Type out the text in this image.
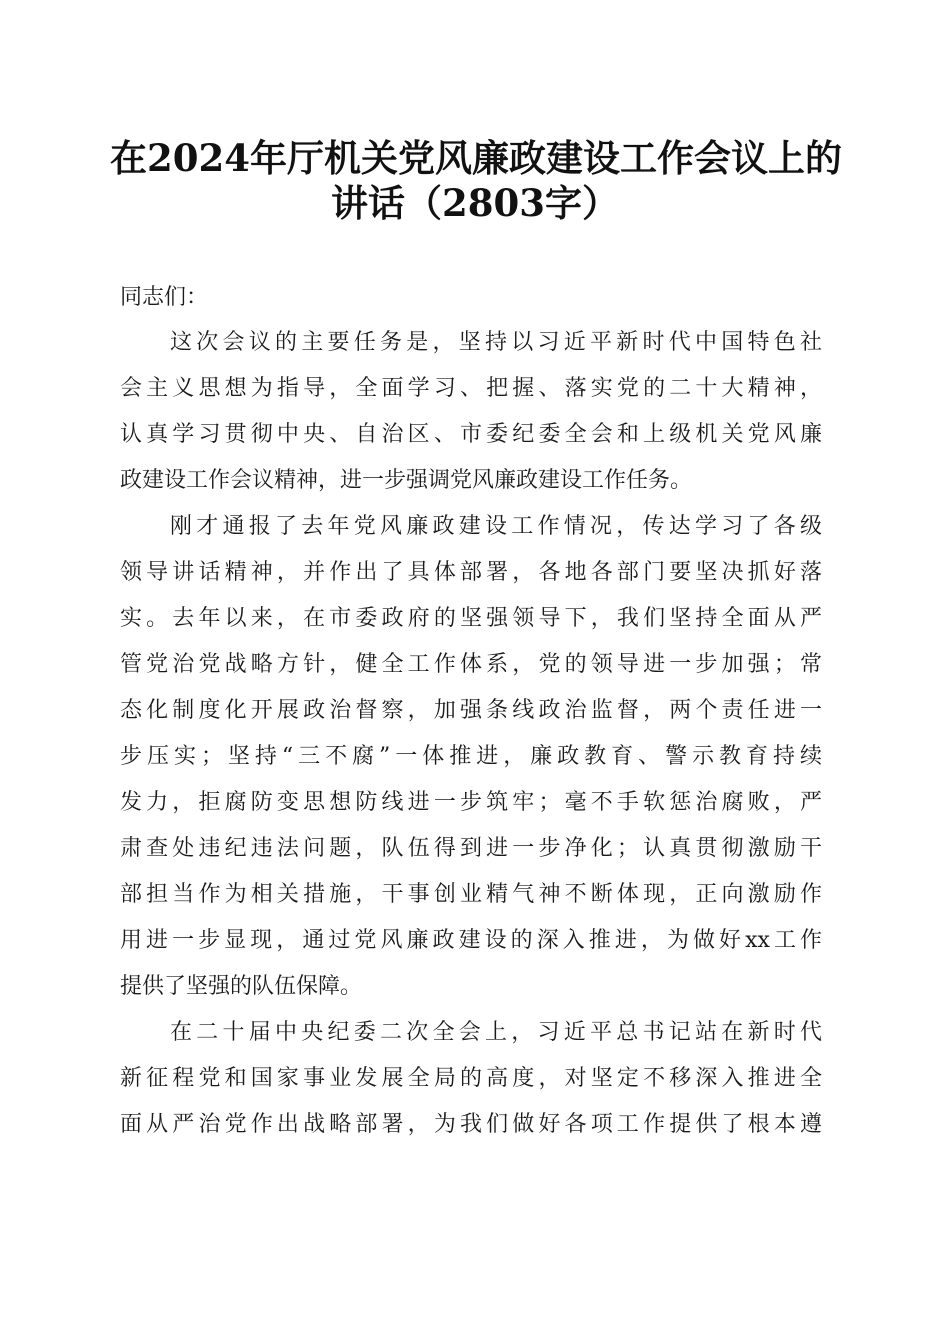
在2024年厅机关党风廉政建设工作会议上的
讲话（2803字）
同志们：
这次会议的主要任务是，坚持以习近平新时代中国特色社
会主义思想为指导，全面学习、把握、落实党的二十大精神，
认真学习贯彻中央、自治区、市委纪委全会和上级机关党风廉
政建设工作会议精神，进一步强调党风廉政建设工作任务。
刚才通报了去年党风廉政建设工作情况，传达学习了各级
领导讲话精神，并作出了具体部署，各地各部门要坚决抓好落
实。去年以来，在市委政府的坚强领导下，我们坚持全面从严
管党治党战略方针，健全工作体系，党的领导进一步加强；常
态化制度化开展政治督察，加强条线政治监督，两个责任进一
步压实；坚持“三不腐”一体推进，廉政教育、警示教育持续
发力，拒腐防变思想防线进一步筑牢；毫不手软惩治腐败，严
肃查处违纪违法问题，队伍得到进一步净化；认真贯彻激励干
部担当作为相关措施，干事创业精气神不断体现，正向激励作
用进一步显现，通过党风廉政建设的深入推进，为做好xx工作
提供了坚强的队伍保障。
在二十届中央纪委二次全会上，习近平总书记站在新时代
新征程党和国家事业发展全局的高度，对坚定不移深入推进全
面从严治党作出战略部署，为我们做好各项工作提供了根本遵
